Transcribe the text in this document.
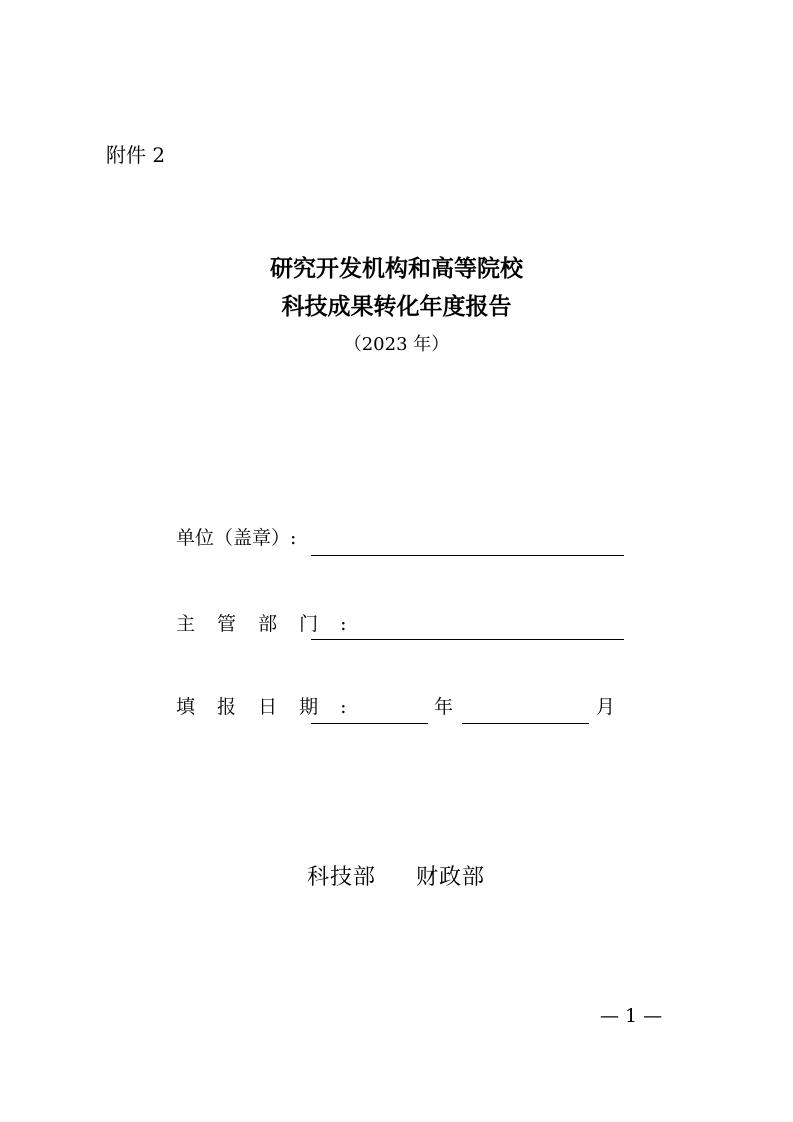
附件 2
研究开发机构和高等院校
科技成果转化年度报告
（2023 年）
单位（盖章）:
主 管 部 门 :
填 报 日 期 :	年	月
科技部 财政部
— 1 —
